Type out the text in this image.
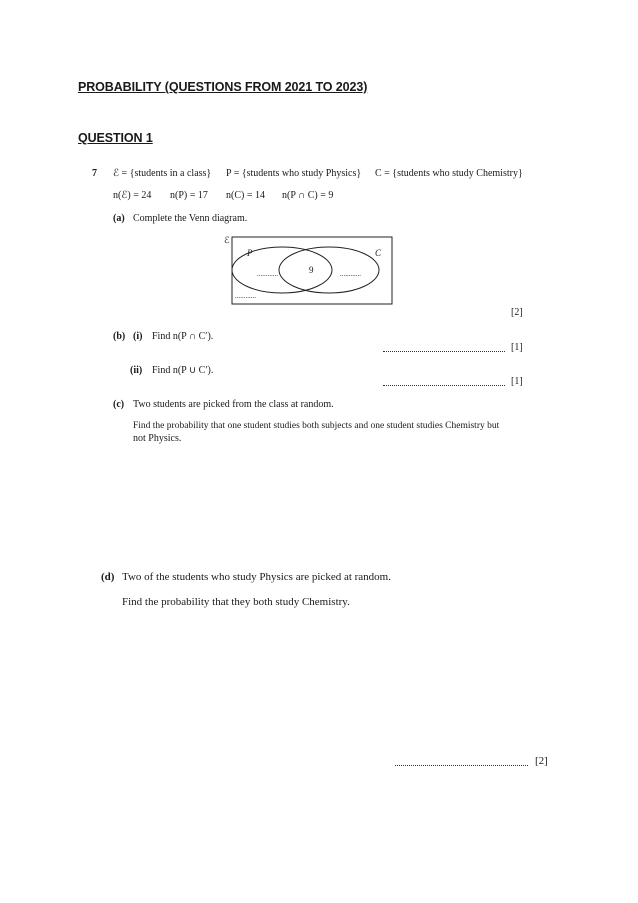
PROBABILITY (QUESTIONS FROM 2021 TO 2023)
QUESTION 1
7 ℰ = {students in a class} P = {students who study Physics} C = {students who study Chemistry}
n(ℰ) = 24 n(P) = 17 n(C) = 14 n(P ∩ C) = 9
(a) Complete the Venn diagram.
ℰ
P	C
9
............	............
............
[2]
(b) (i) Find n(P ∩ C′).
[1]
(ii) Find n(P ∪ C′).
[1]
(c) Two students are picked from the class at random.
Find the probability that one student studies both subjects and one student studies Chemistry but
not Physics.
(d) Two of the students who study Physics are picked at random.
Find the probability that they both study Chemistry.
[2]
